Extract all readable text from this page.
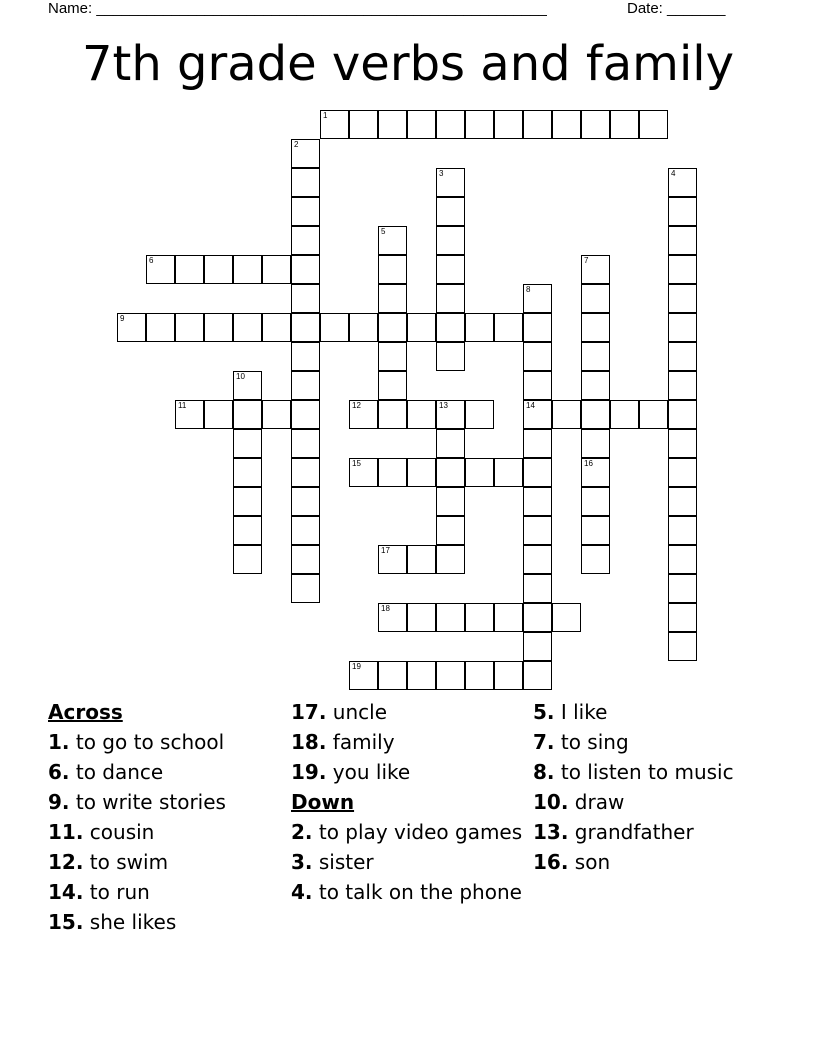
Name: ______________________________________________________	Date: _______
7th grade verbs and family
1
2
3	4
5
6	7
16
8
14
9
10
11	12	13
15
17
18
19
Across
1. to go to school
6. to dance
9. to write stories
11. cousin
12. to swim
14. to run
15. she likes
17. uncle
18. family
19. you like
Down
2. to play video games
3. sister
4. to talk on the phone
5. I like
7. to sing
8. to listen to music
10. draw
13. grandfather
16. son
